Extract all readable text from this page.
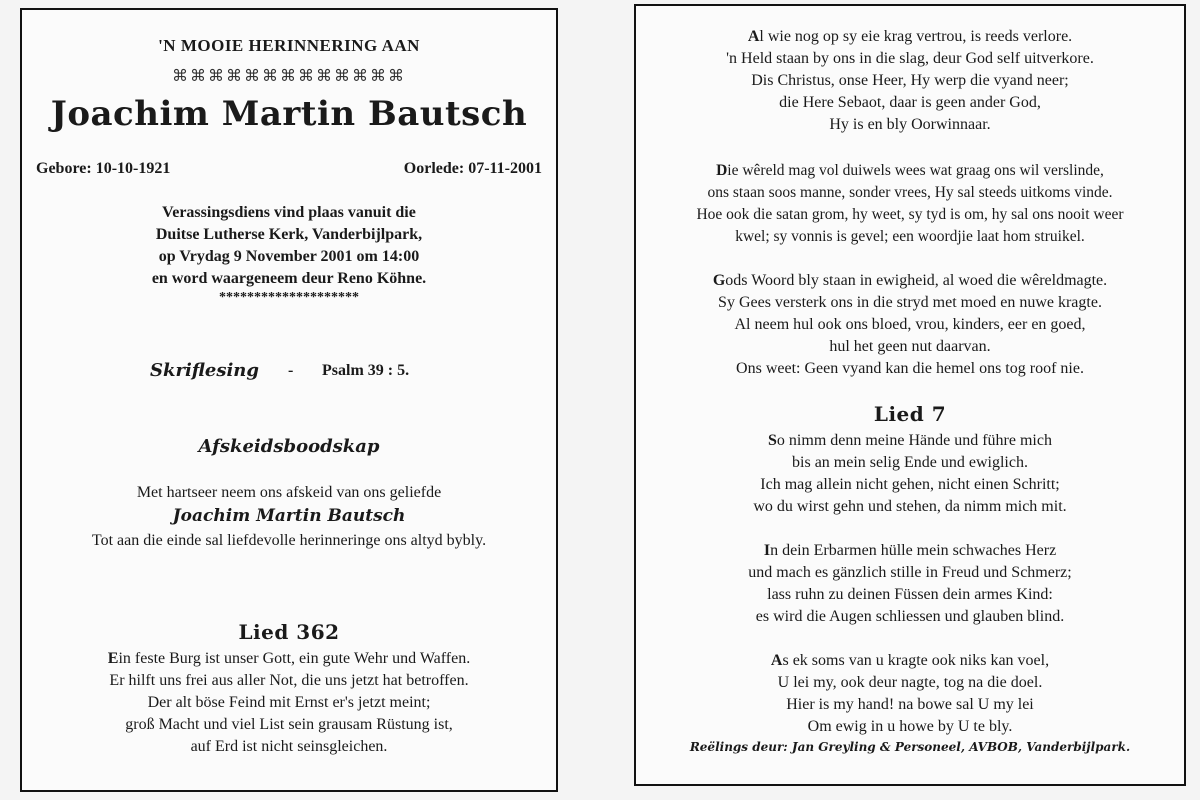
'N MOOIE HERINNERING AAN
⌘⌘⌘⌘⌘⌘⌘⌘⌘⌘⌘⌘⌘
Joachim Martin Bautsch
Gebore: 10-10-1921	Oorlede: 07-11-2001
Verassingsdiens vind plaas vanuit die
Duitse Lutherse Kerk, Vanderbijlpark,
op Vrydag 9 November 2001 om 14:00
en word waargeneem deur Reno Köhne.
********************
Skriflesing - Psalm 39 : 5.
Afskeidsboodskap
Met hartseer neem ons afskeid van ons geliefde
Joachim Martin Bautsch
Tot aan die einde sal liefdevolle herinneringe ons altyd bybly.
Lied 362
Ein feste Burg ist unser Gott, ein gute Wehr und Waffen.
Er hilft uns frei aus aller Not, die uns jetzt hat betroffen.
Der alt böse Feind mit Ernst er's jetzt meint;
groß Macht und viel List sein grausam Rüstung ist,
auf Erd ist nicht seinsgleichen.
Al wie nog op sy eie krag vertrou, is reeds verlore.
'n Held staan by ons in die slag, deur God self uitverkore.
Dis Christus, onse Heer, Hy werp die vyand neer;
die Here Sebaot, daar is geen ander God,
Hy is en bly Oorwinnaar.
Die wêreld mag vol duiwels wees wat graag ons wil verslinde,
ons staan soos manne, sonder vrees, Hy sal steeds uitkoms vinde.
Hoe ook die satan grom, hy weet, sy tyd is om, hy sal ons nooit weer
kwel; sy vonnis is gevel; een woordjie laat hom struikel.
Gods Woord bly staan in ewigheid, al woed die wêreldmagte.
Sy Gees versterk ons in die stryd met moed en nuwe kragte.
Al neem hul ook ons bloed, vrou, kinders, eer en goed,
hul het geen nut daarvan.
Ons weet: Geen vyand kan die hemel ons tog roof nie.
Lied 7
So nimm denn meine Hände und führe mich
bis an mein selig Ende und ewiglich.
Ich mag allein nicht gehen, nicht einen Schritt;
wo du wirst gehn und stehen, da nimm mich mit.
In dein Erbarmen hülle mein schwaches Herz
und mach es gänzlich stille in Freud und Schmerz;
lass ruhn zu deinen Füssen dein armes Kind:
es wird die Augen schliessen und glauben blind.
As ek soms van u kragte ook niks kan voel,
U lei my, ook deur nagte, tog na die doel.
Hier is my hand! na bowe sal U my lei
Om ewig in u howe by U te bly.
Reëlings deur: Jan Greyling & Personeel, AVBOB, Vanderbijlpark.
